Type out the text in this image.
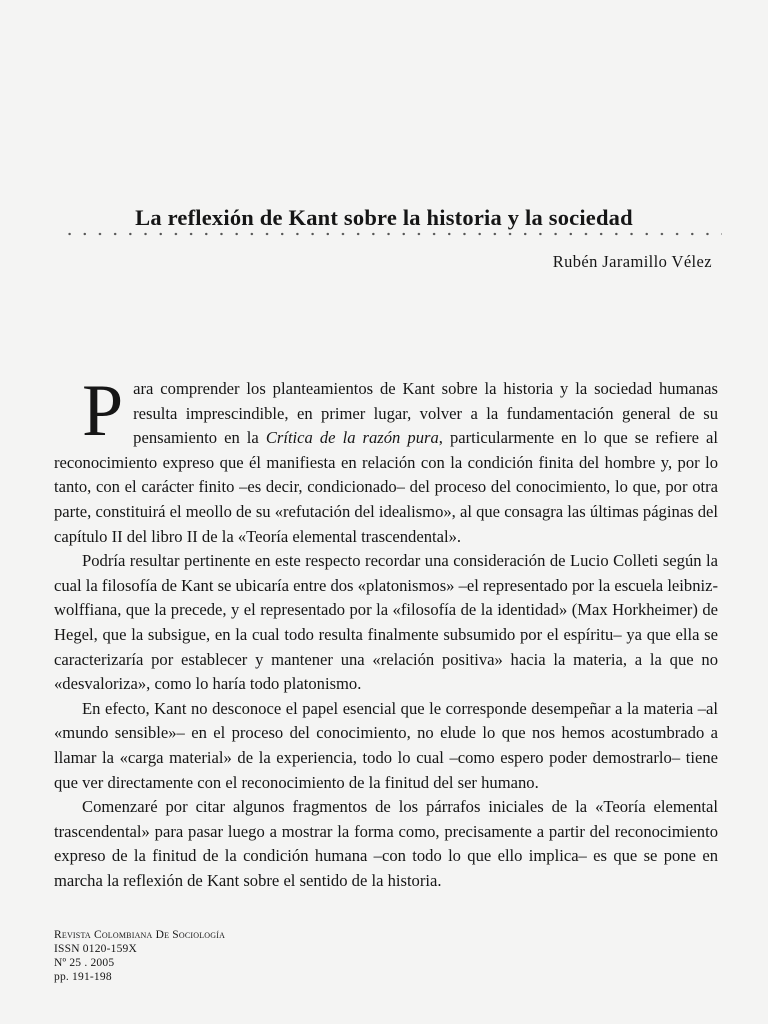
La reflexión de Kant sobre la historia y la sociedad
Rubén Jaramillo Vélez

Para comprender los planteamientos de Kant sobre la historia y la sociedad humanas resulta imprescindible, en primer lugar, volver a la fundamentación general de su pensamiento en la Crítica de la razón pura, particularmente en lo que se refiere al reconocimiento expreso que él manifiesta en relación con la condición finita del hombre y, por lo tanto, con el carácter finito –es decir, condicionado– del proceso del conocimiento, lo que, por otra parte, constituirá el meollo de su «refutación del idealismo», al que consagra las últimas páginas del capítulo II del libro II de la «Teoría elemental trascendental».

Podría resultar pertinente en este respecto recordar una consideración de Lucio Colleti según la cual la filosofía de Kant se ubicaría entre dos «platonismos» –el representado por la escuela leibniz-wolffiana, que la precede, y el representado por la «filosofía de la identidad» (Max Horkheimer) de Hegel, que la subsigue, en la cual todo resulta finalmente subsumido por el espíritu– ya que ella se caracterizaría por establecer y mantener una «relación positiva» hacia la materia, a la que no «desvaloriza», como lo haría todo platonismo.

En efecto, Kant no desconoce el papel esencial que le corresponde desempeñar a la materia –al «mundo sensible»– en el proceso del conocimiento, no elude lo que nos hemos acostumbrado a llamar la «carga material» de la experiencia, todo lo cual –como espero poder demostrarlo– tiene que ver directamente con el reconocimiento de la finitud del ser humano.

Comenzaré por citar algunos fragmentos de los párrafos iniciales de la «Teoría elemental trascendental» para pasar luego a mostrar la forma como, precisamente a partir del reconocimiento expreso de la finitud de la condición humana –con todo lo que ello implica– es que se pone en marcha la reflexión de Kant sobre el sentido de la historia.

Revista Colombiana De Sociología
ISSN 0120-159X
Nº 25 . 2005
pp. 191-198
